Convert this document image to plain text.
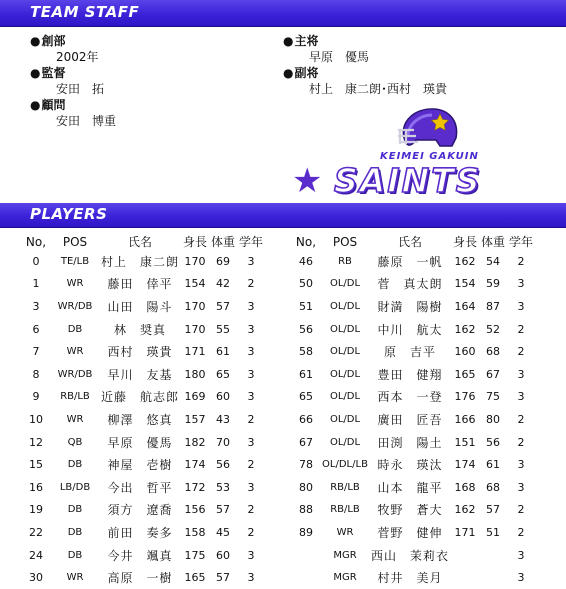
TEAM STAFF
● 創部
2002年
● 監督
安田　拓
● 顧問
安田　博重
● 主将
早原　優馬
● 副将
村上　康二朗･西村　瑛貴
KEIMEI GAKUIN
★ SAINTS
PLAYERS
No,	POS	氏名	身長	体重	学年
0	TE/LB	村上　康二朗	170	69	3
1	WR	藤田　倖平	154	42	2
3	WR/DB	山田　陽斗	170	57	3
6	DB	林　奨真	170	55	3
7	WR	西村　瑛貴	171	61	3
8	WR/DB	早川　友基	180	65	3
9	RB/LB	近藤　航志郎	169	60	3
10	WR	柳澤　悠真	157	43	2
12	QB	早原　優馬	182	70	3
15	DB	神屋　壱樹	174	56	2
16	LB/DB	今出　哲平	172	53	3
19	DB	須方　遼喬	156	57	2
22	DB	前田　奏多	158	45	2
24	DB	今井　颯真	175	60	3
30	WR	高原　一樹	165	57	3
No,	POS	氏名	身長	体重	学年
46	RB	藤原　一帆	162	54	2
50	OL/DL	菅　真太朗	154	59	3
51	OL/DL	財満　陽樹	164	87	3
56	OL/DL	中川　航太	162	52	2
58	OL/DL	原　吉平	160	68	2
61	OL/DL	豊田　健翔	165	67	3
65	OL/DL	西本　一登	176	75	3
66	OL/DL	廣田　匠吾	166	80	2
67	OL/DL	田渕　陽土	151	56	2
78	OL/DL/LB	時永　瑛汰	174	61	3
80	RB/LB	山本　龍平	168	68	3
88	RB/LB	牧野　蒼大	162	57	2
89	WR	菅野　健伸	171	51	2
	MGR	西山　茉莉衣			3
	MGR	村井　美月			3
